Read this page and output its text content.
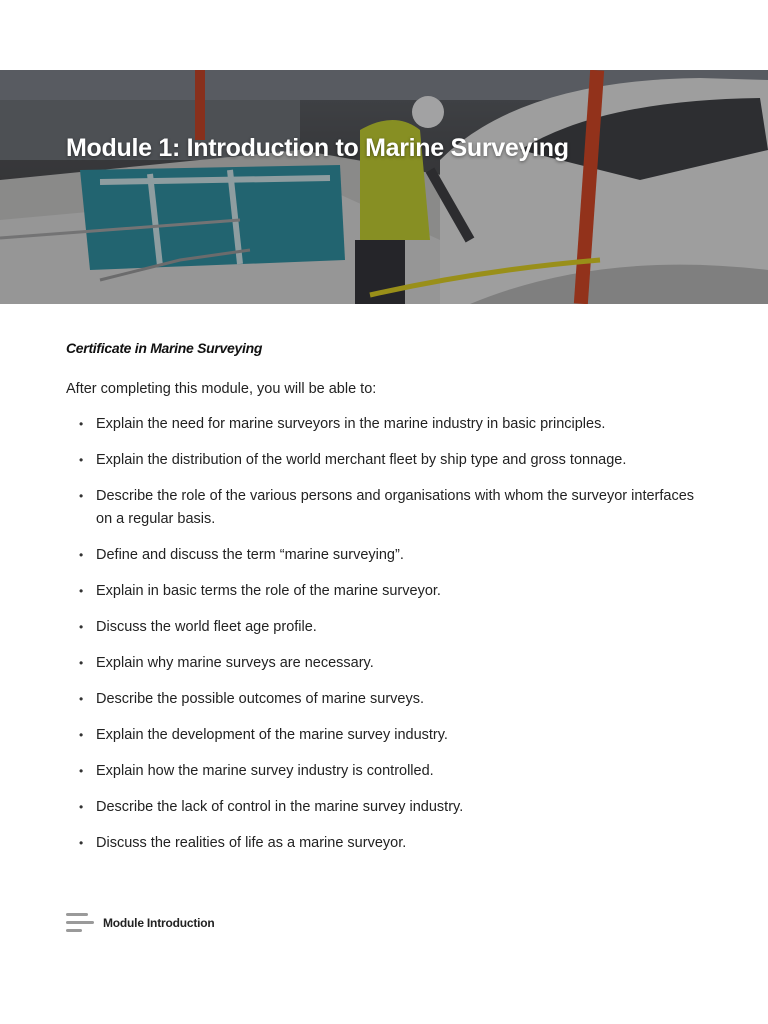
Module 1: Introduction to Marine Surveying

Certificate in Marine Surveying

After completing this module, you will be able to:

• Explain the need for marine surveyors in the marine industry in basic principles.
• Explain the distribution of the world merchant fleet by ship type and gross tonnage.
• Describe the role of the various persons and organisations with whom the surveyor interfaces on a regular basis.
• Define and discuss the term “marine surveying”.
• Explain in basic terms the role of the marine surveyor.
• Discuss the world fleet age profile.
• Explain why marine surveys are necessary.
• Describe the possible outcomes of marine surveys.
• Explain the development of the marine survey industry.
• Explain how the marine survey industry is controlled.
• Describe the lack of control in the marine survey industry.
• Discuss the realities of life as a marine surveyor.
Module Introduction
